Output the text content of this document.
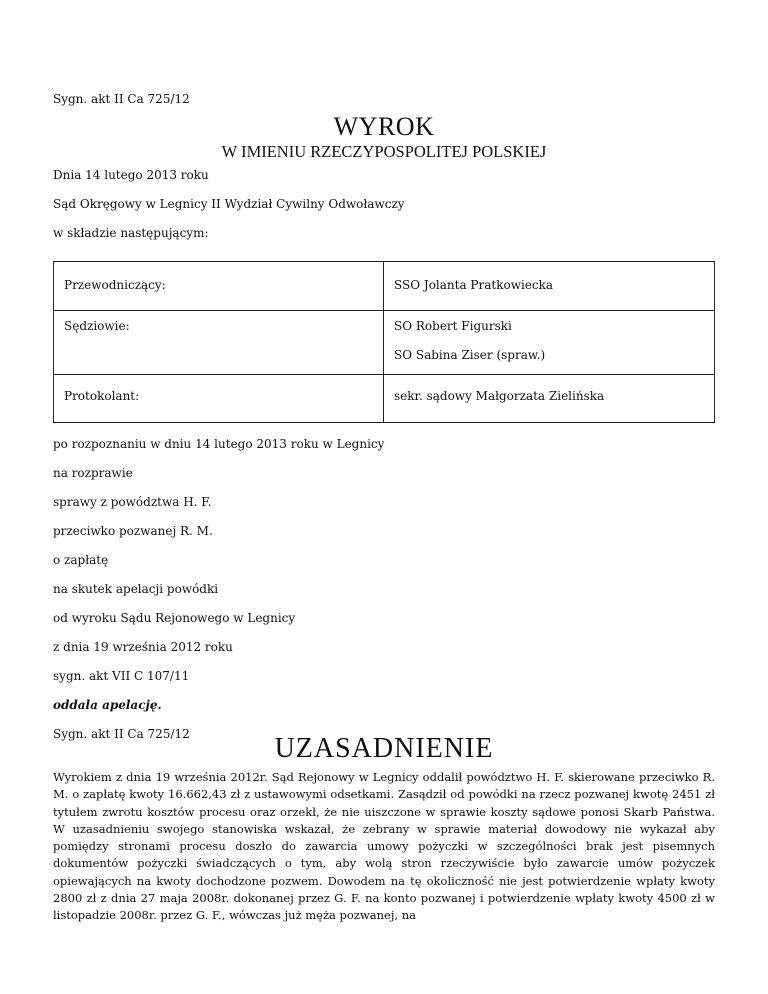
Sygn. akt II Ca 725/12
WYROK
W IMIENIU RZECZYPOSPOLITEJ POLSKIEJ
Dnia 14 lutego 2013 roku
Sąd Okręgowy w Legnicy II Wydział Cywilny Odwoławczy
w składzie następującym:
Przewodniczący:	SSO Jolanta Pratkowiecka

Sędziowie:	SO Robert Figurski
SO Sabina Ziser (spraw.)

Protokolant:	sekr. sądowy Małgorzata Zielińska
po rozpoznaniu w dniu 14 lutego 2013 roku w Legnicy
na rozprawie
sprawy z powództwa H. F.
przeciwko pozwanej R. M.
o zapłatę
na skutek apelacji powódki
od wyroku Sądu Rejonowego w Legnicy
z dnia 19 września 2012 roku
sygn. akt VII C 107/11
oddala apelację.
Sygn. akt II Ca 725/12	UZASADNIENIE
Wyrokiem z dnia 19 września 2012r. Sąd Rejonowy w Legnicy oddalił powództwo H. F. skierowane przeciwko R. M. o zapłatę kwoty 16.662,43 zł z ustawowymi odsetkami. Zasądził od powódki na rzecz pozwanej kwotę 2451 zł tytułem zwrotu kosztów procesu oraz orzekł, że nie uiszczone w sprawie koszty sądowe ponosi Skarb Państwa. W uzasadnieniu swojego stanowiska wskazał, że zebrany w sprawie materiał dowodowy nie wykazał aby pomiędzy stronami procesu doszło do zawarcia umowy pożyczki w szczególności brak jest pisemnych dokumentów pożyczki świadczących o tym, aby wolą stron rzeczywiście było zawarcie umów pożyczek opiewających na kwoty dochodzone pozwem. Dowodem na tę okoliczność nie jest potwierdzenie wpłaty kwoty 2800 zł z dnia 27 maja 2008r. dokonanej przez G. F. na konto pozwanej i potwierdzenie wpłaty kwoty 4500 zł w listopadzie 2008r. przez G. F., wówczas już męża pozwanej, na
